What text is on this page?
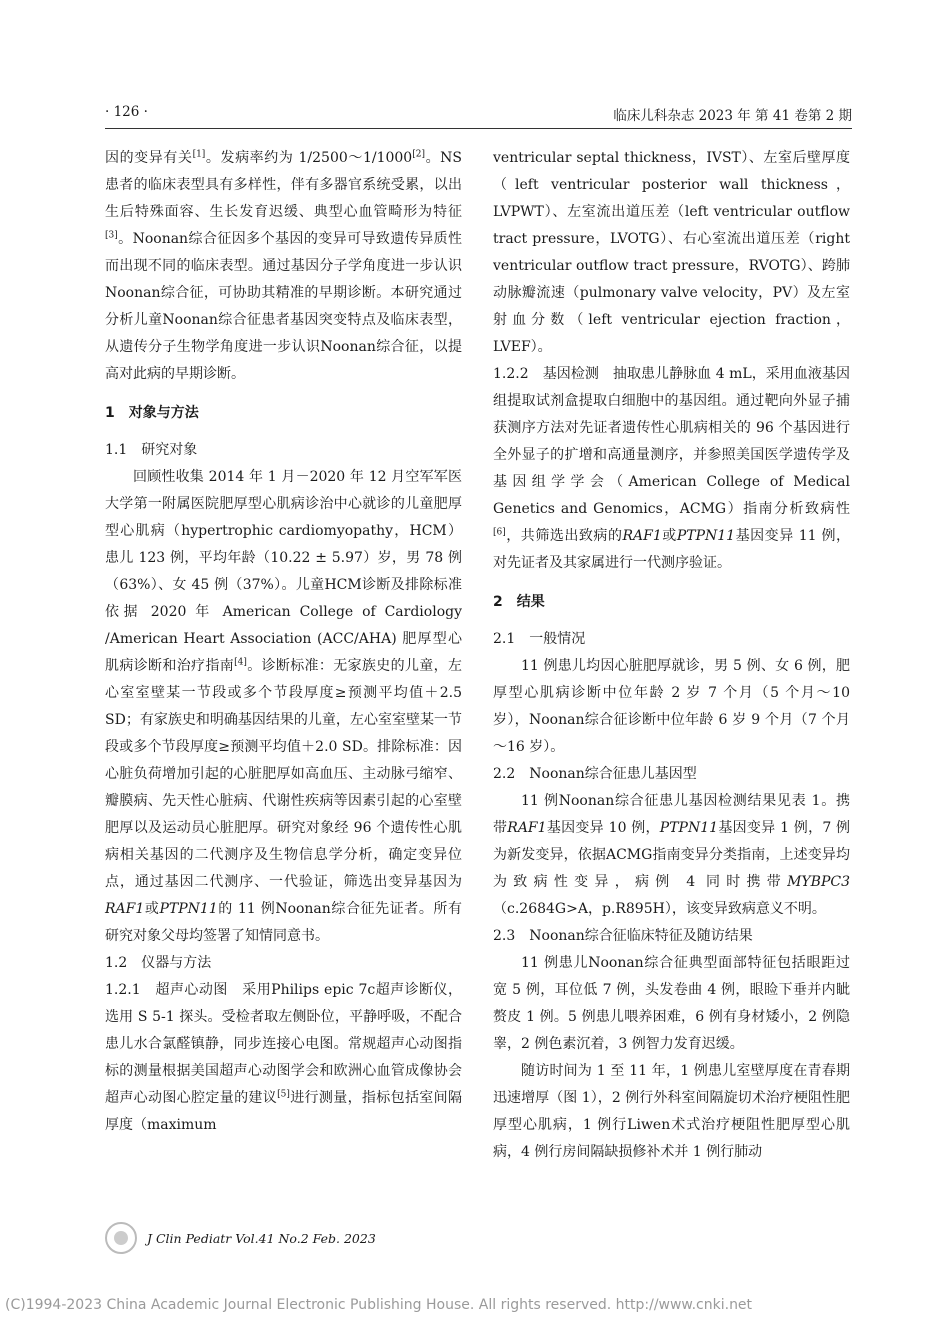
· 126 ·	临床儿科杂志 2023 年 第 41 卷第 2 期

因的变异有关[1]。发病率约为 1/2500～1/1000[2]。NS患者的临床表型具有多样性，伴有多器官系统受累，以出生后特殊面容、生长发育迟缓、典型心血管畸形为特征[3]。Noonan综合征因多个基因的变异可导致遗传异质性而出现不同的临床表型。通过基因分子学角度进一步认识Noonan综合征，可协助其精准的早期诊断。本研究通过分析儿童Noonan综合征患者基因突变特点及临床表型，从遗传分子生物学角度进一步认识Noonan综合征，以提高对此病的早期诊断。

1　对象与方法

1.1　研究对象

回顾性收集 2014 年 1 月－2020 年 12 月空军军医大学第一附属医院肥厚型心肌病诊治中心就诊的儿童肥厚型心肌病（hypertrophic cardiomyopathy，HCM）患儿 123 例，平均年龄（10.22 ± 5.97）岁，男 78 例（63%）、女 45 例（37%）。儿童HCM诊断及排除标准依据 2020 年 American College of Cardiology /American Heart Association (ACC/AHA) 肥厚型心肌病诊断和治疗指南[4]。诊断标准：无家族史的儿童，左心室室壁某一节段或多个节段厚度≥预测平均值＋2.5 SD；有家族史和明确基因结果的儿童，左心室室壁某一节段或多个节段厚度≥预测平均值＋2.0 SD。排除标准：因心脏负荷增加引起的心脏肥厚如高血压、主动脉弓缩窄、瓣膜病、先天性心脏病、代谢性疾病等因素引起的心室壁肥厚以及运动员心脏肥厚。研究对象经 96 个遗传性心肌病相关基因的二代测序及生物信息学分析，确定变异位点，通过基因二代测序、一代验证，筛选出变异基因为RAF1或PTPN11的 11 例Noonan综合征先证者。所有研究对象父母均签署了知情同意书。

1.2　仪器与方法

1.2.1　超声心动图　采用Philips epic 7c超声诊断仪，选用 S 5-1 探头。受检者取左侧卧位，平静呼吸，不配合患儿水合氯醛镇静，同步连接心电图。常规超声心动图指标的测量根据美国超声心动图学会和欧洲心血管成像协会超声心动图心腔定量的建议[5]进行测量，指标包括室间隔厚度（maximum

ventricular septal thickness，IVST）、左室后壁厚度（left ventricular posterior wall thickness，LVPWT）、左室流出道压差（left ventricular outflow tract pressure，LVOTG）、右心室流出道压差（right ventricular outflow tract pressure，RVOTG）、跨肺动脉瓣流速（pulmonary valve velocity，PV）及左室射血分数（left ventricular ejection fraction，LVEF）。

1.2.2　基因检测　抽取患儿静脉血 4 mL，采用血液基因组提取试剂盒提取白细胞中的基因组。通过靶向外显子捕获测序方法对先证者遗传性心肌病相关的 96 个基因进行全外显子的扩增和高通量测序，并参照美国医学遗传学及基因组学学会（American College of Medical Genetics and Genomics，ACMG）指南分析致病性[6]，共筛选出致病的RAF1或PTPN11基因变异 11 例，对先证者及其家属进行一代测序验证。

2　结果

2.1　一般情况

11 例患儿均因心脏肥厚就诊，男 5 例、女 6 例，肥厚型心肌病诊断中位年龄 2 岁 7 个月（5 个月～10 岁），Noonan综合征诊断中位年龄 6 岁 9 个月（7 个月～16 岁）。

2.2　Noonan综合征患儿基因型

11 例Noonan综合征患儿基因检测结果见表 1。携带RAF1基因变异 10 例，PTPN11基因变异 1 例，7 例为新发变异，依据ACMG指南变异分类指南，上述变异均为致病性变异，病例 4 同时携带MYBPC3（c.2684G>A，p.R895H），该变异致病意义不明。

2.3　Noonan综合征临床特征及随访结果

11 例患儿Noonan综合征典型面部特征包括眼距过宽 5 例，耳位低 7 例，头发卷曲 4 例，眼睑下垂并内眦赘皮 1 例。5 例患儿喂养困难，6 例有身材矮小，2 例隐睾，2 例色素沉着，3 例智力发育迟缓。

随访时间为 1 至 11 年，1 例患儿室壁厚度在青春期迅速增厚（图 1），2 例行外科室间隔旋切术治疗梗阻性肥厚型心肌病，1 例行Liwen术式治疗梗阻性肥厚型心肌病，4 例行房间隔缺损修补术并 1 例行肺动

J Clin Pediatr Vol.41 No.2 Feb. 2023
(C)1994-2023 China Academic Journal Electronic Publishing House. All rights reserved. http://www.cnki.net
